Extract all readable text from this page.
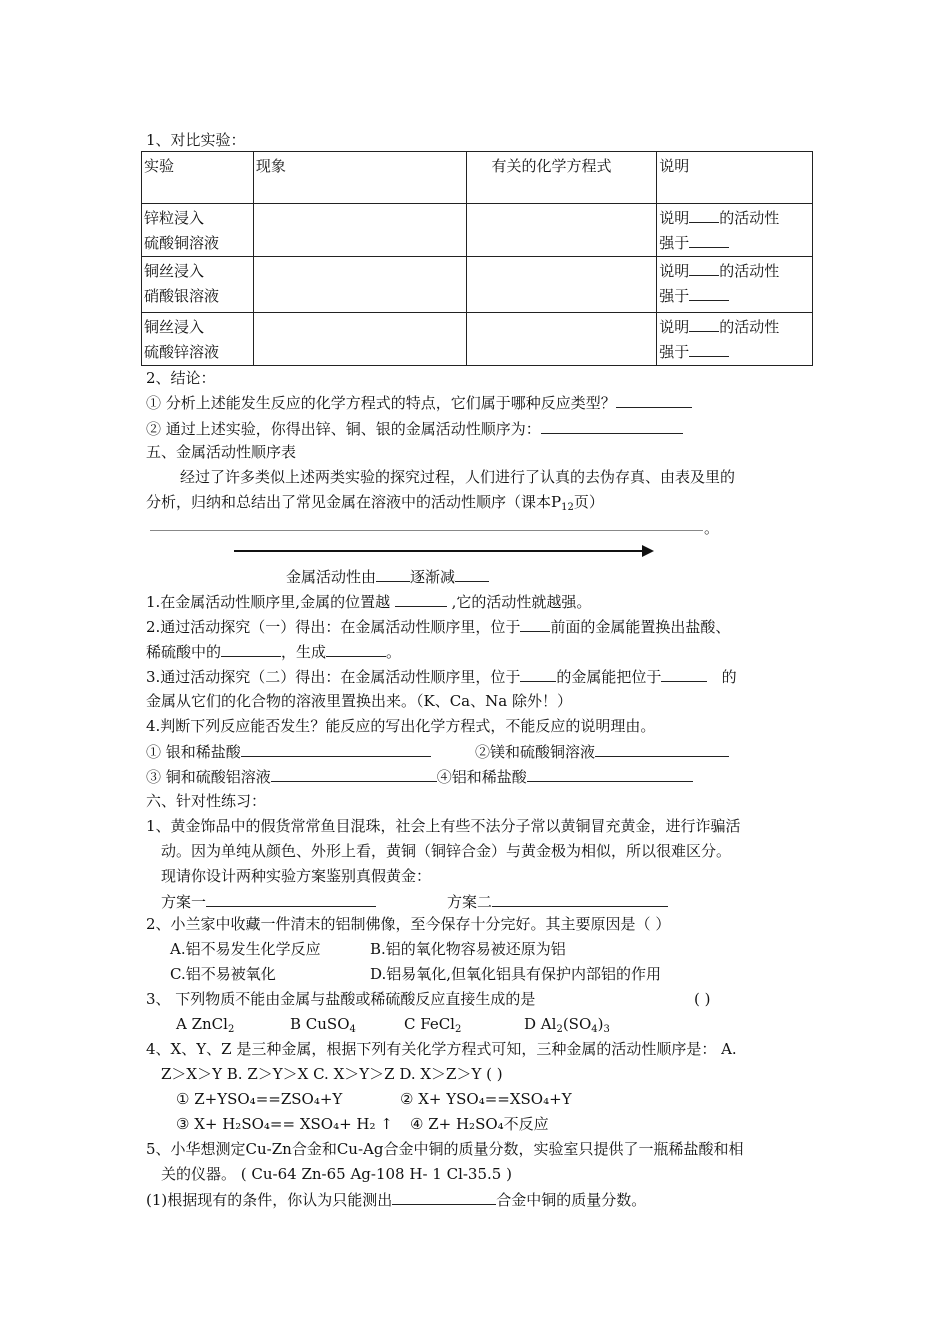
1、对比实验：
实验	现象	有关的化学方程式	说明
锌粒浸入
硫酸铜溶液			说明 的活动性
强于
铜丝浸入
硝酸银溶液			说明 的活动性
强于
铜丝浸入
硫酸锌溶液			说明 的活动性
强于
2、结论：
① 分析上述能发生反应的化学方程式的特点，它们属于哪种反应类型？
② 通过上述实验，你得出锌、铜、银的金属活动性顺序为：
五、金属活动性顺序表
经过了许多类似上述两类实验的探究过程，人们进行了认真的去伪存真、由表及里的
分析，归纳和总结出了常见金属在溶液中的活动性顺序（课本$P_{12}$页）
。
金属活动性由 逐渐减
1.在金属活动性顺序里,金属的位置越	,它的活动性就越强。
2.通过活动探究（一）得出：在金属活动性顺序里，位于 前面的金属能置换出盐酸、
稀硫酸中的	，生成	。
3.通过活动探究（二）得出：在金属活动性顺序里，位于 的金属能把位于	的
金属从它们的化合物的溶液里置换出来。（K、Ca、Na 除外！）
4.判断下列反应能否发生？能反应的写出化学方程式，不能反应的说明理由。
① 银和稀盐酸	②镁和硫酸铜溶液
③ 铜和硫酸铝溶液	④铝和稀盐酸
六、针对性练习：
1、黄金饰品中的假货常常鱼目混珠，社会上有些不法分子常以黄铜冒充黄金，进行诈骗活
动。因为单纯从颜色、外形上看，黄铜（铜锌合金）与黄金极为相似，所以很难区分。
现请你设计两种实验方案鉴别真假黄金：
方案一	方案二
2、小兰家中收藏一件清末的铝制佛像，至今保存十分完好。其主要原因是（ ）
A.铝不易发生化学反应	B.铝的氧化物容易被还原为铝
C.铝不易被氧化	D.铝易氧化,但氧化铝具有保护内部铝的作用
3、 下列物质不能由金属与盐酸或稀硫酸反应直接生成的是	( )
A ZnCl$_2$	B CuSO$_4$	C FeCl$_2$	D $Al_2(SO_4)_3$
4、X、Y、Z 是三种金属，根据下列有关化学方程式可知，三种金属的活动性顺序是： A.
Z＞X＞Y B. Z＞Y＞X C. X＞Y＞Z D. X＞Z＞Y ( )
① Z+YSO₄==ZSO₄+Y	② X+ YSO₄==XSO₄+Y
③ X+ H₂SO₄== XSO₄+ H₂ ↑ ④ Z+ H₂SO₄不反应
5、小华想测定Cu-Zn合金和Cu-Ag合金中铜的质量分数，实验室只提供了一瓶稀盐酸和相
关的仪器。 ( Cu-64 Zn-65 Ag-108 H- 1 Cl-35.5 )
(1)根据现有的条件，你认为只能测出	合金中铜的质量分数。
